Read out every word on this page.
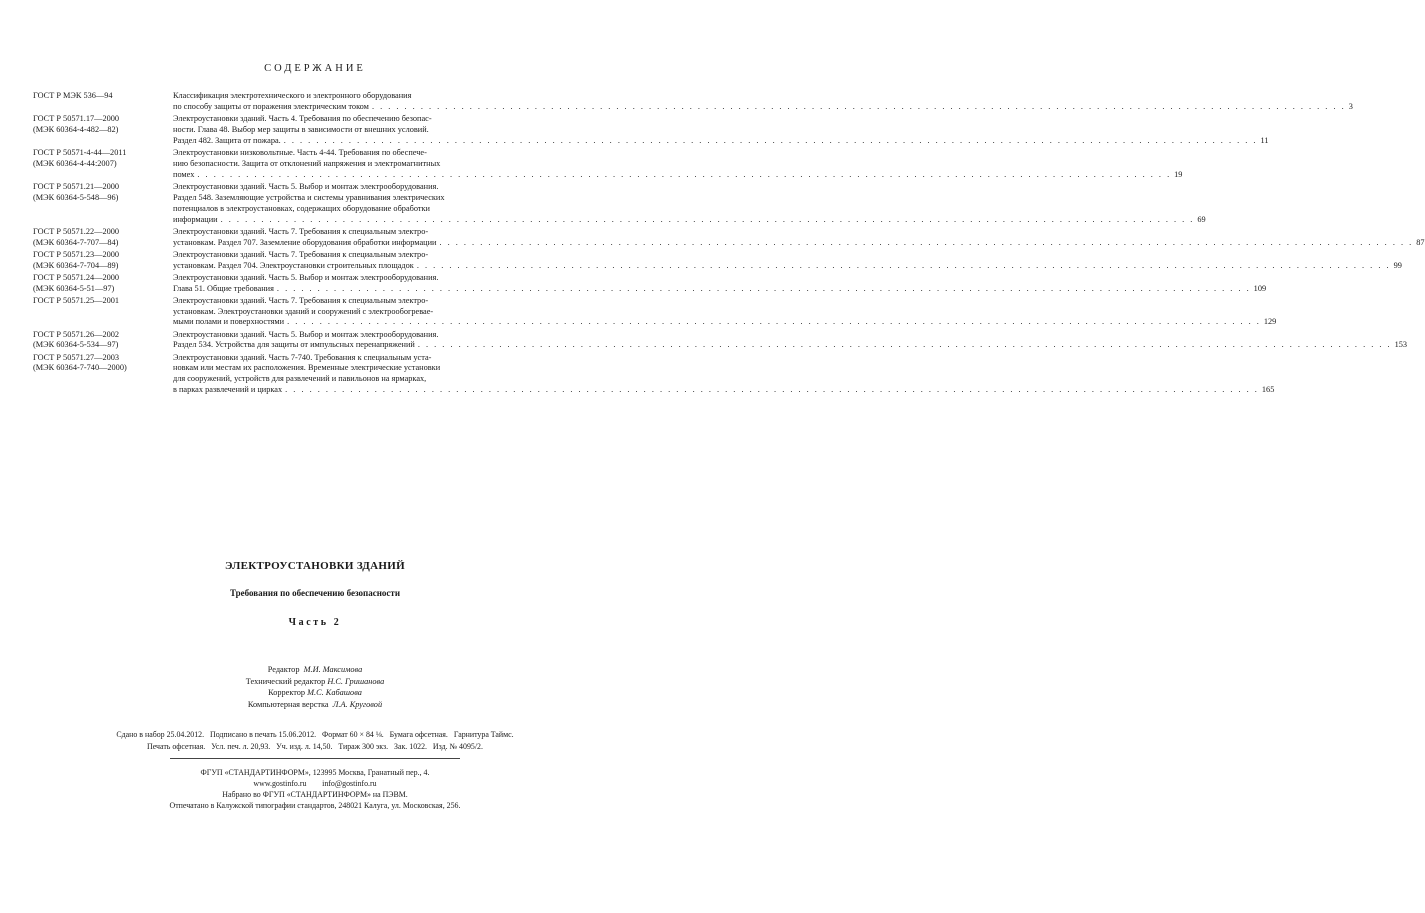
СОДЕРЖАНИЕ
ГОСТ Р МЭК 536—94	Классификация электротехнического и электронного оборудования
по способу защиты от поражения электрическим током . . . . . . . . . . . . . . . . . . . . . . . . . . . . . . . . . . . . . . . . . . . . . . . . . . . . . . . . . . . . . . . . . . . . . . . . . . . . . . . . . . . . . . . . . . . . . . . . . . . . . . . . . . . . . . . . . . . . . . . . 3
ГОСТ Р 50571.17—2000
(МЭК 60364-4-482—82)
Электроустановки зданий. Часть 4. Требования по обеспечению безопас-
ности. Глава 48. Выбор мер защиты в зависимости от внешних условий.
Раздел 482. Защита от пожара. . . . . . . . . . . . . . . . . . . . . . . . . . . . . . . . . . . . . . . . . . . . . . . . . . . . . . . . . . . . . . . . . . . . . . . . . . . . . . . . . . . . . . . . . . . . . . . . . . . . . . . . . . . . . . . . . . . . . . . . . 11
ГОСТ Р 50571-4-44—2011
(МЭК 60364-4-44:2007)
Электроустановки низковольтные. Часть 4-44. Требования по обеспече-
нию безопасности. Защита от отклонений напряжения и электромагнитных
помех . . . . . . . . . . . . . . . . . . . . . . . . . . . . . . . . . . . . . . . . . . . . . . . . . . . . . . . . . . . . . . . . . . . . . . . . . . . . . . . . . . . . . . . . . . . . . . . . . . . . . . . . . . . . . . . . . . . . . . . . 19
ГОСТ Р 50571.21—2000
(МЭК 60364-5-548—96)
Электроустановки зданий. Часть 5. Выбор и монтаж электрооборудования.
Раздел 548. Заземляющие устройства и системы уравнивания электрических
потенциалов в электроустановках, содержащих оборудование обработки
информации . . . . . . . . . . . . . . . . . . . . . . . . . . . . . . . . . . . . . . . . . . . . . . . . . . . . . . . . . . . . . . . . . . . . . . . . . . . . . . . . . . . . . . . . . . . . . . . . . . . . . . . . . . . . . . . . . . . . . . . . 69
ГОСТ Р 50571.22—2000
(МЭК 60364-7-707—84)
Электроустановки зданий. Часть 7. Требования к специальным электро-
установкам. Раздел 707. Заземление оборудования обработки информации . . . . . . . . . . . . . . . . . . . . . . . . . . . . . . . . . . . . . . . . . . . . . . . . . . . . . . . . . . . . . . . . . . . . . . . . . . . . . . . . . . . . . . . . . . . . . . . . . . . . . . . . . . . . . . . . . . . . . . . . 87
ГОСТ Р 50571.23—2000
(МЭК 60364-7-704—89)
Электроустановки зданий. Часть 7. Требования к специальным электро-
установкам. Раздел 704. Электроустановки строительных площадок . . . . . . . . . . . . . . . . . . . . . . . . . . . . . . . . . . . . . . . . . . . . . . . . . . . . . . . . . . . . . . . . . . . . . . . . . . . . . . . . . . . . . . . . . . . . . . . . . . . . . . . . . . . . . . . . . . . . . . . . 99
ГОСТ Р 50571.24—2000
(МЭК 60364-5-51—97)
Электроустановки зданий. Часть 5. Выбор и монтаж электрооборудования.
Глава 51. Общие требования . . . . . . . . . . . . . . . . . . . . . . . . . . . . . . . . . . . . . . . . . . . . . . . . . . . . . . . . . . . . . . . . . . . . . . . . . . . . . . . . . . . . . . . . . . . . . . . . . . . . . . . . . . . . . . . . . . . . . . . . 109
ГОСТ Р 50571.25—2001	Электроустановки зданий. Часть 7. Требования к специальным электро-
установкам. Электроустановки зданий и сооружений с электрообогревае-
мыми полами и поверхностями . . . . . . . . . . . . . . . . . . . . . . . . . . . . . . . . . . . . . . . . . . . . . . . . . . . . . . . . . . . . . . . . . . . . . . . . . . . . . . . . . . . . . . . . . . . . . . . . . . . . . . . . . . . . . . . . . . . . . . . . 129
ГОСТ Р 50571.26—2002
(МЭК 60364-5-534—97)
Электроустановки зданий. Часть 5. Выбор и монтаж электрооборудования.
Раздел 534. Устройства для защиты от импульсных перенапряжений . . . . . . . . . . . . . . . . . . . . . . . . . . . . . . . . . . . . . . . . . . . . . . . . . . . . . . . . . . . . . . . . . . . . . . . . . . . . . . . . . . . . . . . . . . . . . . . . . . . . . . . . . . . . . . . . . . . . . . . . 153
ГОСТ Р 50571.27—2003
(МЭК 60364-7-740—2000)
Электроустановки зданий. Часть 7-740. Требования к специальным уста-
новкам или местам их расположения. Временные электрические установки
для сооружений, устройств для развлечений и павильонов на ярмарках,
в парках развлечений и цирках . . . . . . . . . . . . . . . . . . . . . . . . . . . . . . . . . . . . . . . . . . . . . . . . . . . . . . . . . . . . . . . . . . . . . . . . . . . . . . . . . . . . . . . . . . . . . . . . . . . . . . . . . . . . . . . . . . . . . . . . 165
ЭЛЕКТРОУСТАНОВКИ ЗДАНИЙ
Требования по обеспечению безопасности
Часть 2
Редактор М.И. Максимова
Технический редактор Н.С. Гришанова
Корректор М.С. Кабашова
Компьютерная верстка Л.А. Круговой
Сдано в набор 25.04.2012.   Подписано в печать 15.06.2012.   Формат 60 × 84 ⅛.   Бумага офсетная.   Гарнитура Таймс.
Печать офсетная.   Усл. печ. л. 20,93.   Уч. изд. л. 14,50.   Тираж 300 экз.   Зак. 1022.   Изд. № 4095/2.
ФГУП «СТАНДАРТИНФОРМ», 123995 Москва, Гранатный пер., 4.
www.gostinfo.ru        info@gostinfo.ru
Набрано во ФГУП «СТАНДАРТИНФОРМ» на ПЭВМ.
Отпечатано в Калужской типографии стандартов, 248021 Калуга, ул. Московская, 256.
